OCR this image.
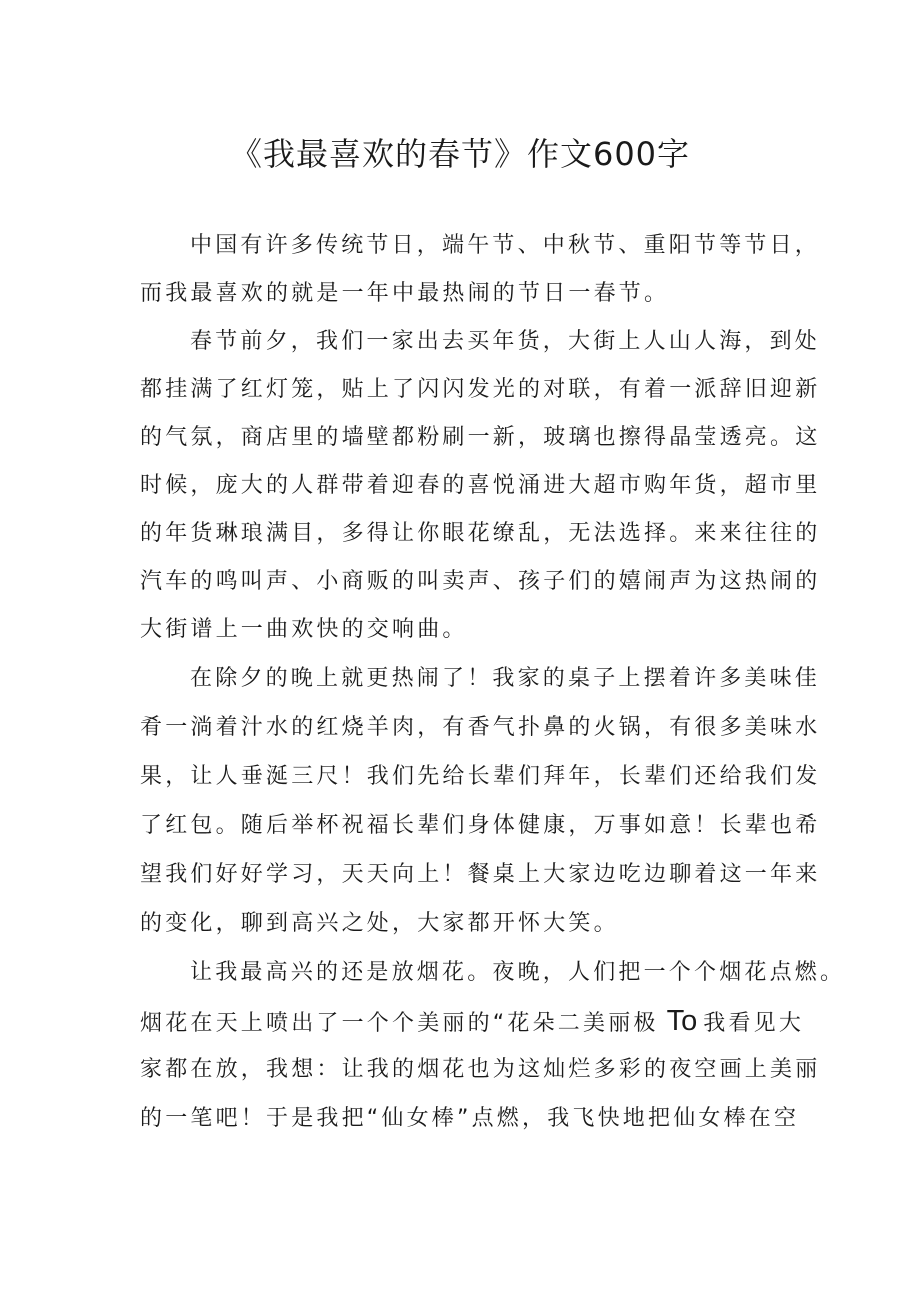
《我最喜欢的春节》作文600字
中国有许多传统节日，端午节、中秋节、重阳节等节日，
而我最喜欢的就是一年中最热闹的节日一春节。
春节前夕，我们一家出去买年货，大街上人山人海，到处
都挂满了红灯笼，贴上了闪闪发光的对联，有着一派辞旧迎新
的气氛，商店里的墙壁都粉刷一新，玻璃也擦得晶莹透亮。这
时候，庞大的人群带着迎春的喜悦涌进大超市购年货，超市里
的年货琳琅满目，多得让你眼花缭乱，无法选择。来来往往的
汽车的鸣叫声、小商贩的叫卖声、孩子们的嬉闹声为这热闹的
大街谱上一曲欢快的交响曲。
在除夕的晚上就更热闹了！我家的桌子上摆着许多美味佳
肴一淌着汁水的红烧羊肉，有香气扑鼻的火锅，有很多美味水
果，让人垂涎三尺！我们先给长辈们拜年，长辈们还给我们发
了红包。随后举杯祝福长辈们身体健康，万事如意！长辈也希
望我们好好学习，天天向上！餐桌上大家边吃边聊着这一年来
的变化，聊到高兴之处，大家都开怀大笑。
让我最高兴的还是放烟花。夜晚，人们把一个个烟花点燃。
烟花在天上喷出了一个个美丽的“花朵二美丽极 To 我看见大
家都在放，我想：让我的烟花也为这灿烂多彩的夜空画上美丽
的一笔吧！于是我把“仙女棒”点燃，我飞快地把仙女棒在空
